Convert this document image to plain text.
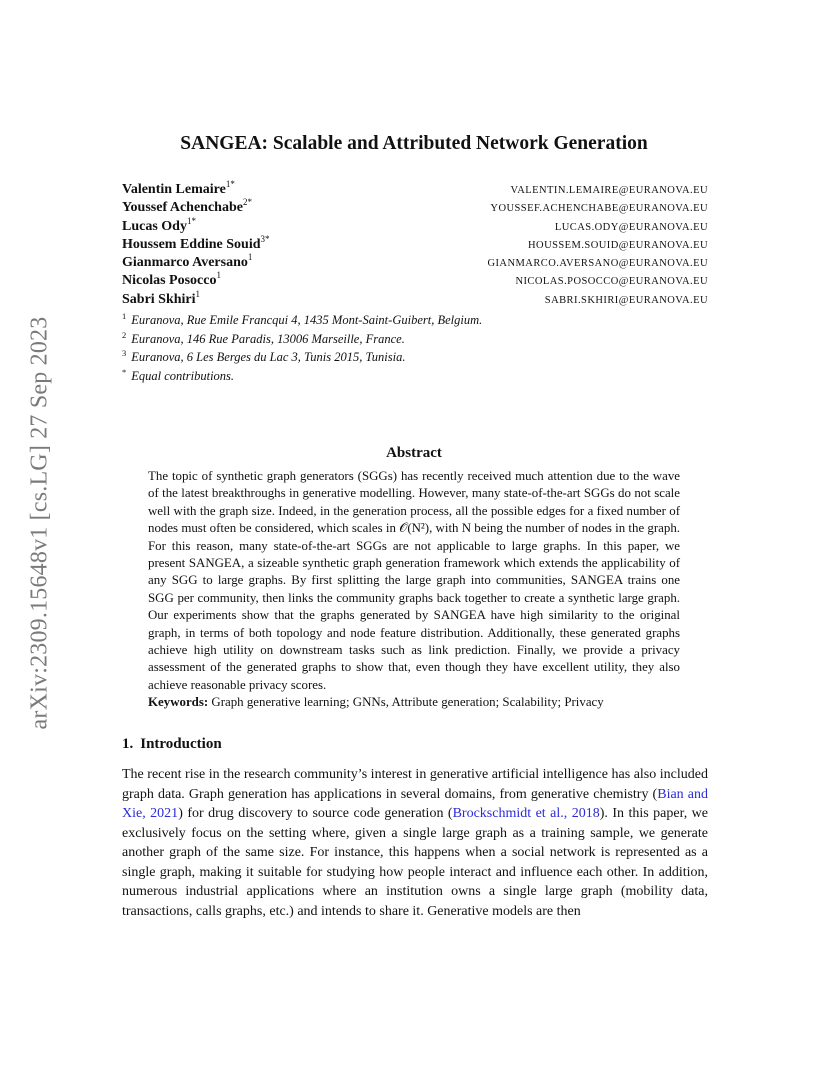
arXiv:2309.15648v1 [cs.LG] 27 Sep 2023
SANGEA: Scalable and Attributed Network Generation
Valentin Lemaire$^{1*}$
VALENTIN.LEMAIRE@EURANOVA.EU
Youssef Achenchabe$^{2*}$
YOUSSEF.ACHENCHABE@EURANOVA.EU
Lucas Ody$^{1*}$
LUCAS.ODY@EURANOVA.EU
Houssem Eddine Souid$^{3*}$
HOUSSEM.SOUID@EURANOVA.EU
Gianmarco Aversano$^1$
GIANMARCO.AVERSANO@EURANOVA.EU
Nicolas Posocco$^1$
NICOLAS.POSOCCO@EURANOVA.EU
Sabri Skhiri$^1$
SABRI.SKHIRI@EURANOVA.EU
$^1$ Euranova, Rue Emile Francqui 4, 1435 Mont-Saint-Guibert, Belgium.
$^2$ Euranova, 146 Rue Paradis, 13006 Marseille, France.
$^3$ Euranova, 6 Les Berges du Lac 3, Tunis 2015, Tunisia.
* Equal contributions.
Abstract
The topic of synthetic graph generators (SGGs) has recently received much attention due to the wave of the latest breakthroughs in generative modelling. However, many state-of-the-art SGGs do not scale well with the graph size. Indeed, in the generation process, all the possible edges for a fixed number of nodes must often be considered, which scales in 𝒪(N²), with N being the number of nodes in the graph. For this reason, many state-of-the-art SGGs are not applicable to large graphs. In this paper, we present SANGEA, a sizeable synthetic graph generation framework which extends the applicability of any SGG to large graphs. By first splitting the large graph into communities, SANGEA trains one SGG per community, then links the community graphs back together to create a synthetic large graph. Our experiments show that the graphs generated by SANGEA have high similarity to the original graph, in terms of both topology and node feature distribution. Additionally, these generated graphs achieve high utility on downstream tasks such as link prediction. Finally, we provide a privacy assessment of the generated graphs to show that, even though they have excellent utility, they also achieve reasonable privacy scores.
Keywords: Graph generative learning; GNNs, Attribute generation; Scalability; Privacy
1. Introduction
The recent rise in the research community’s interest in generative artificial intelligence has also included graph data. Graph generation has applications in several domains, from generative chemistry (Bian and Xie, 2021) for drug discovery to source code generation (Brockschmidt et al., 2018). In this paper, we exclusively focus on the setting where, given a single large graph as a training sample, we generate another graph of the same size. For instance, this happens when a social network is represented as a single graph, making it suitable for studying how people interact and influence each other. In addition, numerous industrial applications where an institution owns a single large graph (mobility data, transactions, calls graphs, etc.) and intends to share it. Generative models are then
